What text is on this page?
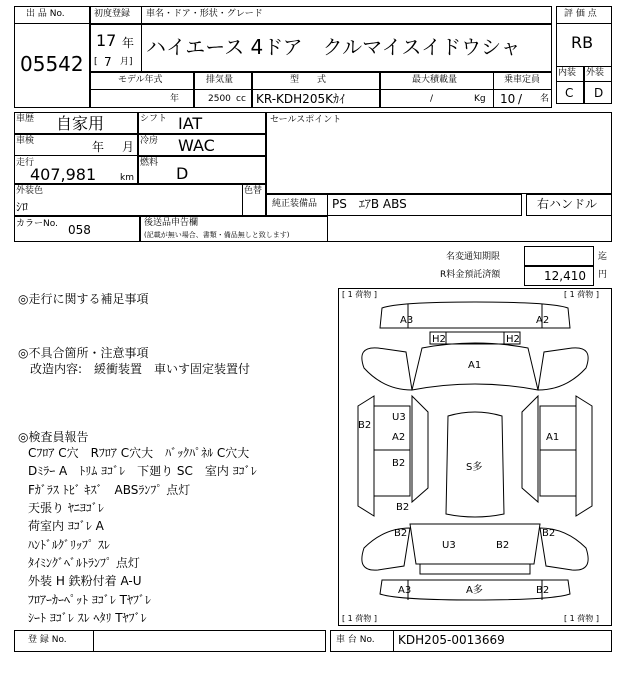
出 品 No.
05542
初度登録 車名・ドア・形状・グレード
17 年
[ 7 月]
ハイエース 4ドア　クルマイスイドウシャ
評 価 点
RB
内装 外装
C D
モデル年式	排気量	型　　式	最大積載量	乗車定員
年	2500 cc KR-KDH205Kｶｲ	/	Kg 10 / 名
車歴 自家用	シフト IAT	セールスポイント
車検	年 月 冷房 WAC
走行
407,981	km
燃料
D
外装色
ｼﾛ
色替
純正装備品 PS　ｴｱB ABS	右ハンドル
カラーNo. 058	後送品申告欄
(記載が無い場合、書類・備品無しと致します)
名変通知期限	迄
R料金預託済額	12,410 円
◎走行に関する補足事項
◎不具合箇所・注意事項
改造内容:　緩衝装置　車いす固定装置付
◎検査員報告
Cﾌﾛｱ C穴　Rﾌﾛｱ C穴大　ﾊﾞｯｸﾊﾟﾈﾙ C穴大
Dﾐﾗｰ A　ﾄﾘﾑ ﾖｺﾞﾚ　下廻り SC　室内 ﾖｺﾞﾚ
Fｶﾞﾗｽ ﾄﾋﾞ ｷｽﾞ　ABSﾗﾝﾌﾟ 点灯
天張り ﾔﾆﾖｺﾞﾚ
荷室内 ﾖｺﾞﾚ A
ﾊﾝﾄﾞﾙｸﾞﾘｯﾌﾟ ｽﾚ
ﾀｲﾐﾝｸﾞﾍﾞﾙﾄﾗﾝﾌﾟ 点灯
外装 H 鉄粉付着 A-U
ﾌﾛｱｰｶｰﾍﾟｯﾄ ﾖｺﾞﾚ Tﾔﾌﾞﾚ
ｼｰﾄ ﾖｺﾞﾚ ｽﾚ ﾍﾀﾘ Tﾔﾌﾞﾚ
[ 1 荷物 ]	[ 1 荷物 ]
[ 1 荷物 ]	[ 1 荷物 ]
A3	A2
H2	H2
A1
U3
B2
A2	A1
B2	S多
B2
B2	B2
U3	B2
A3	A多	B2
登 録 No.	車 台 No. KDH205-0013669
